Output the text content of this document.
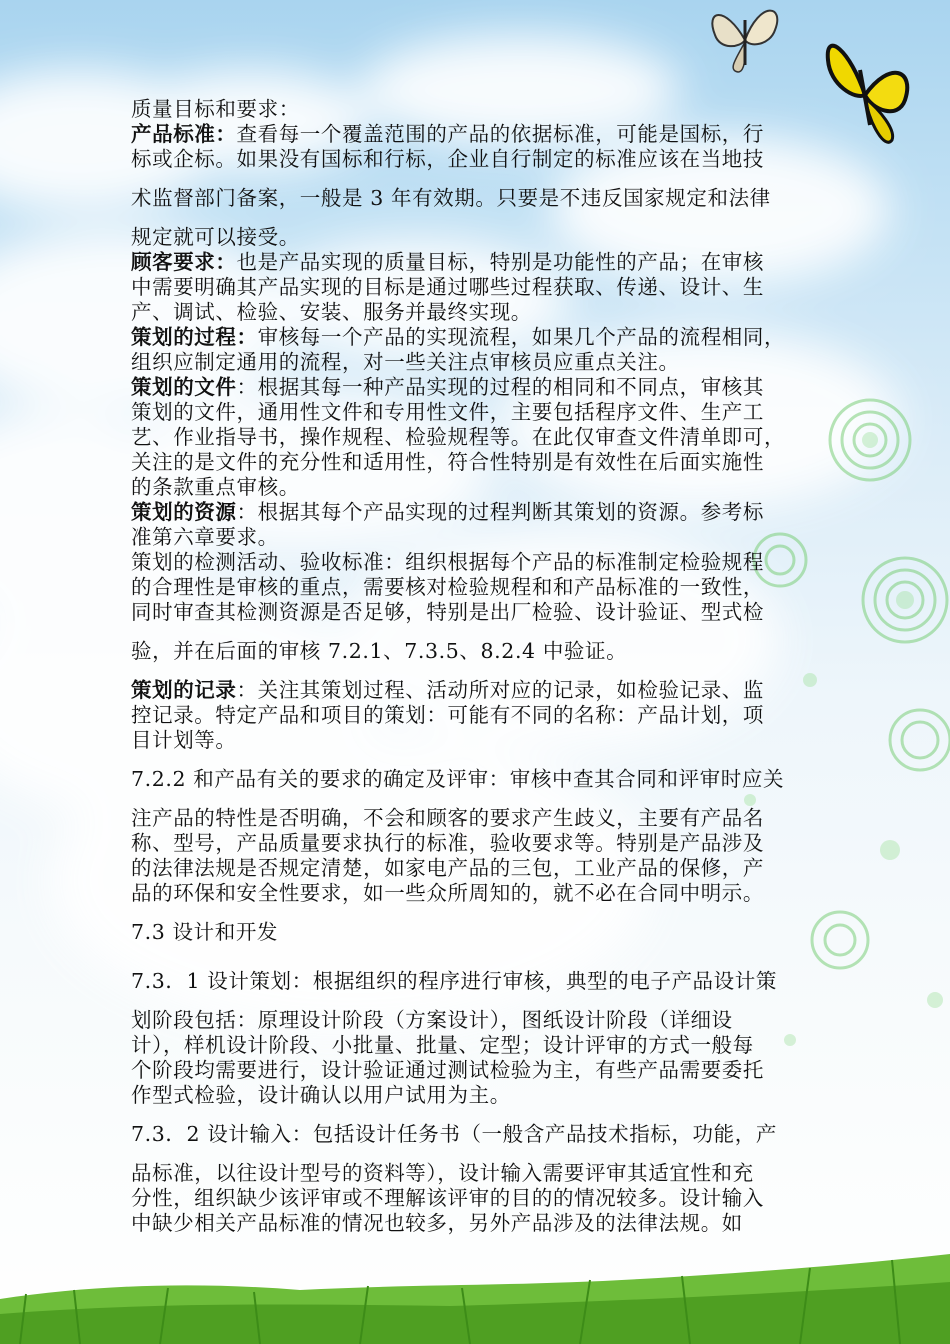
质量目标和要求：
产品标准：查看每一个覆盖范围的产品的依据标准，可能是国标，行
标或企标。如果没有国标和行标，企业自行制定的标准应该在当地技
术监督部门备案，一般是 3 年有效期。只要是不违反国家规定和法律
规定就可以接受。
顾客要求：也是产品实现的质量目标，特别是功能性的产品；在审核
中需要明确其产品实现的目标是通过哪些过程获取、传递、设计、生
产、调试、检验、安装、服务并最终实现。
策划的过程：审核每一个产品的实现流程，如果几个产品的流程相同，
组织应制定通用的流程，对一些关注点审核员应重点关注。
策划的文件：根据其每一种产品实现的过程的相同和不同点，审核其
策划的文件，通用性文件和专用性文件，主要包括程序文件、生产工
艺、作业指导书，操作规程、检验规程等。在此仅审查文件清单即可，
关注的是文件的充分性和适用性，符合性特别是有效性在后面实施性
的条款重点审核。
策划的资源：根据其每个产品实现的过程判断其策划的资源。参考标
准第六章要求。
策划的检测活动、验收标准：组织根据每个产品的标准制定检验规程
的合理性是审核的重点，需要核对检验规程和和产品标准的一致性，
同时审查其检测资源是否足够，特别是出厂检验、设计验证、型式检
验，并在后面的审核 7.2.1、7.3.5、8.2.4 中验证。
策划的记录：关注其策划过程、活动所对应的记录，如检验记录、监
控记录。特定产品和项目的策划：可能有不同的名称：产品计划，项
目计划等。
7.2.2 和产品有关的要求的确定及评审：审核中查其合同和评审时应关
注产品的特性是否明确，不会和顾客的要求产生歧义，主要有产品名
称、型号，产品质量要求执行的标准，验收要求等。特别是产品涉及
的法律法规是否规定清楚，如家电产品的三包，工业产品的保修，产
品的环保和安全性要求，如一些众所周知的，就不必在合同中明示。
7.3 设计和开发
7.3．1 设计策划：根据组织的程序进行审核，典型的电子产品设计策
划阶段包括：原理设计阶段（方案设计），图纸设计阶段（详细设
计），样机设计阶段、小批量、批量、定型；设计评审的方式一般每
个阶段均需要进行，设计验证通过测试检验为主，有些产品需要委托
作型式检验，设计确认以用户试用为主。
7.3．2 设计输入：包括设计任务书（一般含产品技术指标，功能，产
品标准，以往设计型号的资料等），设计输入需要评审其适宜性和充
分性，组织缺少该评审或不理解该评审的目的的情况较多。设计输入
中缺少相关产品标准的情况也较多，另外产品涉及的法律法规。如
